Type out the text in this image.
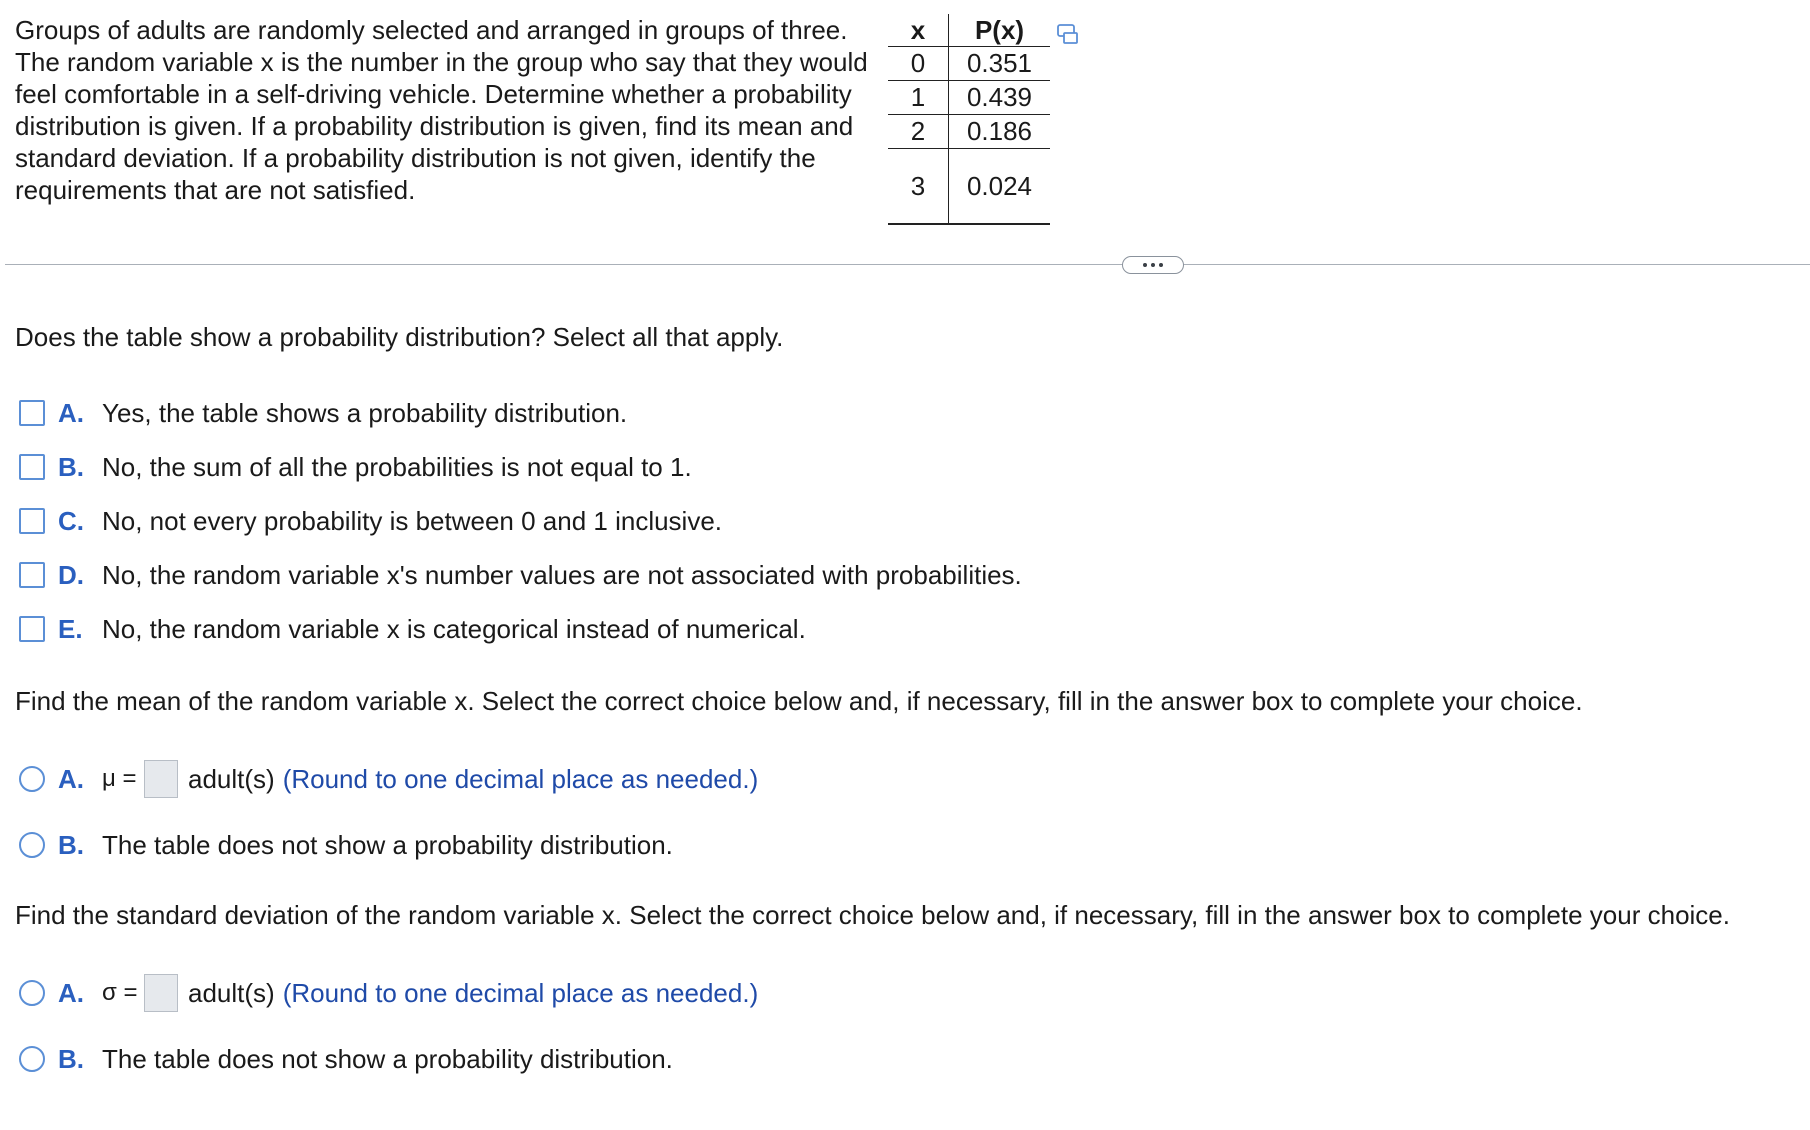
Groups of adults are randomly selected and arranged in groups of three. The random variable x is the number in the group who say that they would feel comfortable in a self-driving vehicle. Determine whether a probability distribution is given. If a probability distribution is given, find its mean and standard deviation. If a probability distribution is not given, identify the requirements that are not satisfied.
x	P(x)
0	0.351
1	0.439
2	0.186
3	0.024
Does the table show a probability distribution? Select all that apply.
A. Yes, the table shows a probability distribution.
B. No, the sum of all the probabilities is not equal to 1.
C. No, not every probability is between 0 and 1 inclusive.
D. No, the random variable x's number values are not associated with probabilities.
E. No, the random variable x is categorical instead of numerical.
Find the mean of the random variable x. Select the correct choice below and, if necessary, fill in the answer box to complete your choice.
A. μ = adult(s) (Round to one decimal place as needed.)
B. The table does not show a probability distribution.
Find the standard deviation of the random variable x. Select the correct choice below and, if necessary, fill in the answer box to complete your choice.
A. σ = adult(s) (Round to one decimal place as needed.)
B. The table does not show a probability distribution.
